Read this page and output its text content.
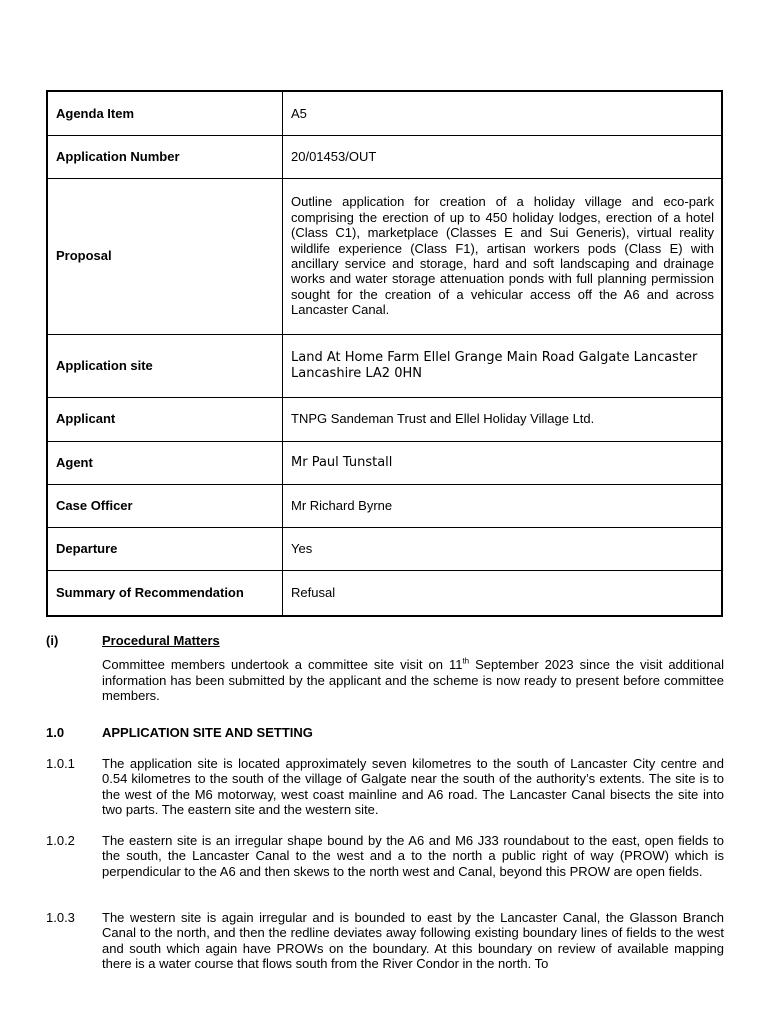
Agenda Item	A5
Application Number	20/01453/OUT
Proposal	Outline application for creation of a holiday village and eco-park comprising the erection of up to 450 holiday lodges, erection of a hotel (Class C1), marketplace (Classes E and Sui Generis), virtual reality wildlife experience (Class F1), artisan workers pods (Class E) with ancillary service and storage, hard and soft landscaping and drainage works and water storage attenuation ponds with full planning permission sought for the creation of a vehicular access off the A6 and across Lancaster Canal.
Application site	Land At Home Farm Ellel Grange Main Road Galgate Lancaster Lancashire LA2 0HN
Applicant	TNPG Sandeman Trust and Ellel Holiday Village Ltd.
Agent	Mr Paul Tunstall
Case Officer	Mr Richard Byrne
Departure	Yes
Summary of Recommendation	Refusal
(i)	Procedural Matters
Committee members undertook a committee site visit on 11th September 2023 since the visit additional information has been submitted by the applicant and the scheme is now ready to present before committee members.
1.0	APPLICATION SITE AND SETTING
1.0.1 The application site is located approximately seven kilometres to the south of Lancaster City centre and 0.54 kilometres to the south of the village of Galgate near the south of the authority’s extents. The site is to the west of the M6 motorway, west coast mainline and A6 road. The Lancaster Canal bisects the site into two parts. The eastern site and the western site.
1.0.2 The eastern site is an irregular shape bound by the A6 and M6 J33 roundabout to the east, open fields to the south, the Lancaster Canal to the west and a to the north a public right of way (PROW) which is perpendicular to the A6 and then skews to the north west and Canal, beyond this PROW are open fields.
1.0.3 The western site is again irregular and is bounded to east by the Lancaster Canal, the Glasson Branch Canal to the north, and then the redline deviates away following existing boundary lines of fields to the west and south which again have PROWs on the boundary. At this boundary on review of available mapping there is a water course that flows south from the River Condor in the north. To
